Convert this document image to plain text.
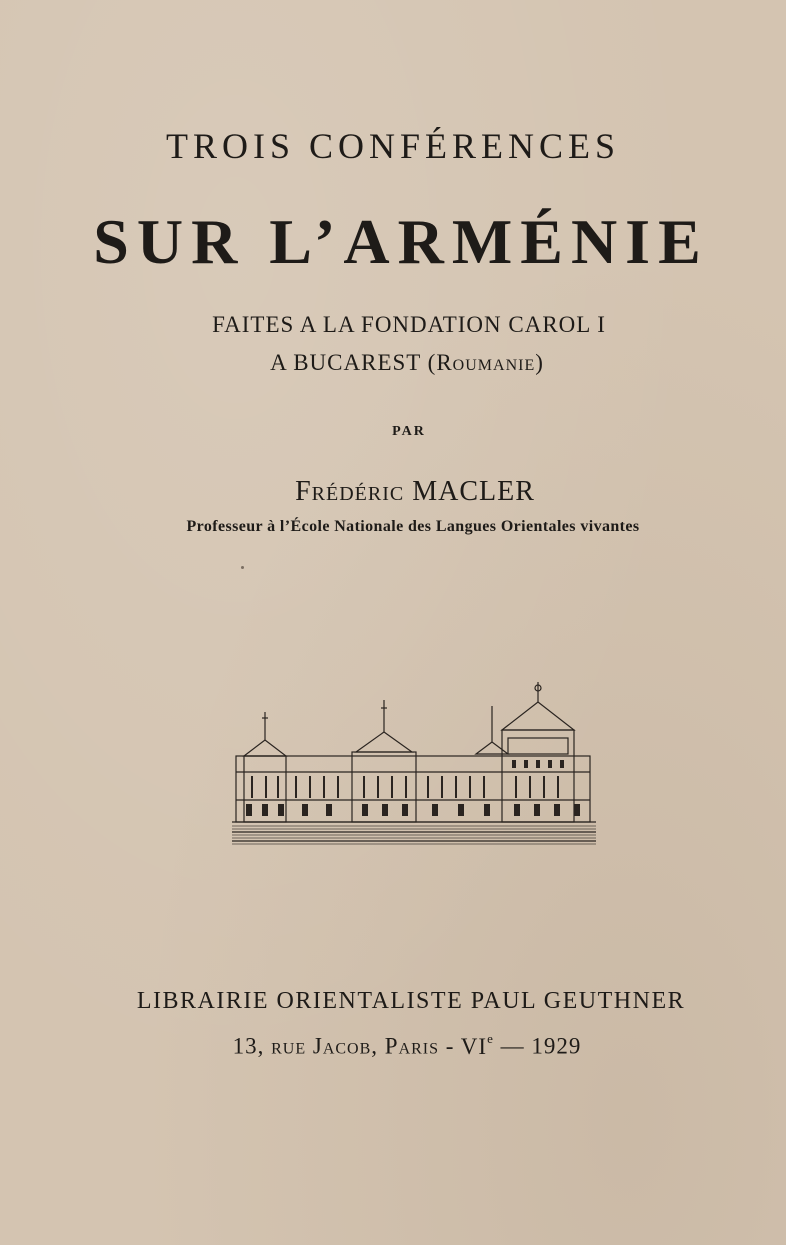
TROIS CONFÉRENCES
SUR L’ARMÉNIE
FAITES A LA FONDATION CAROL I
A BUCAREST (Roumanie)
PAR
Frédéric MACLER
Professeur à l’École Nationale des Langues Orientales vivantes
LIBRAIRIE ORIENTALISTE PAUL GEUTHNER
13, rue Jacob, Paris - VIe — 1929
